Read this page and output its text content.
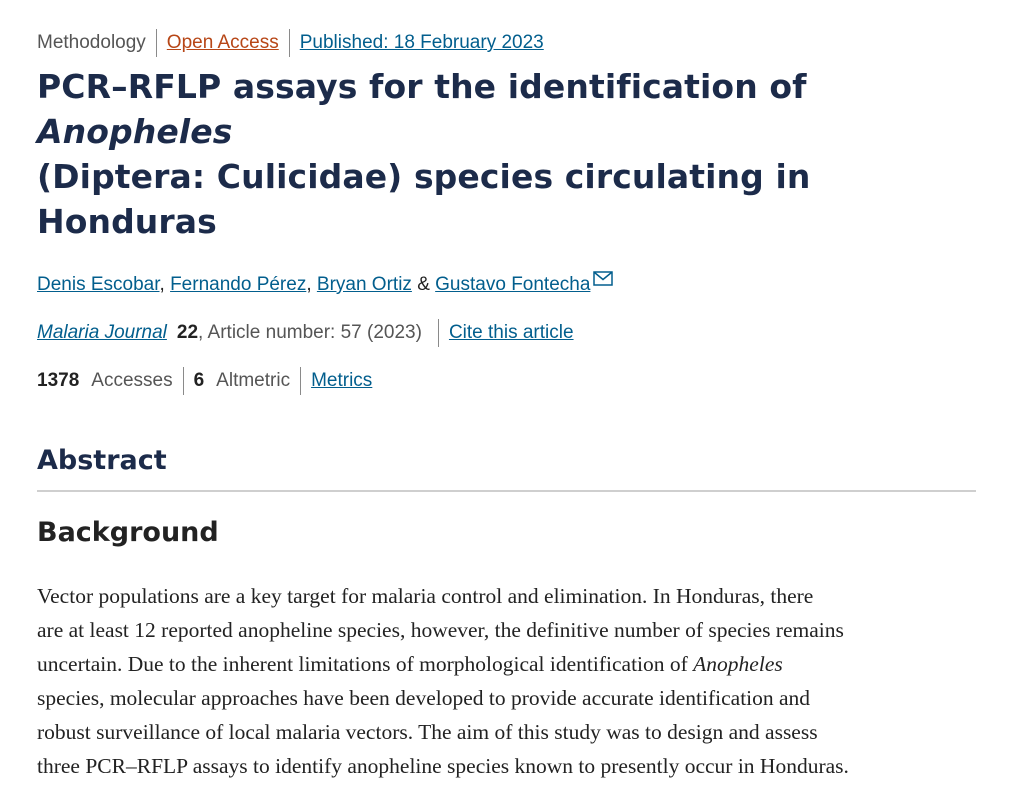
Methodology Open Access Published: 18 February 2023
PCR–RFLP assays for the identification of Anopheles
(Diptera: Culicidae) species circulating in Honduras
Denis Escobar, Fernando Pérez, Bryan Ortiz & Gustavo Fontecha
Malaria Journal 22 , Article number: 57 (2023) Cite this article
1378 Accesses 6 Altmetric Metrics
Abstract
Background

Vector populations are a key target for malaria control and elimination. In Honduras, there
are at least 12 reported anopheline species, however, the definitive number of species remains
uncertain. Due to the inherent limitations of morphological identification of Anopheles
species, molecular approaches have been developed to provide accurate identification and
robust surveillance of local malaria vectors. The aim of this study was to design and assess
three PCR–RFLP assays to identify anopheline species known to presently occur in Honduras.
